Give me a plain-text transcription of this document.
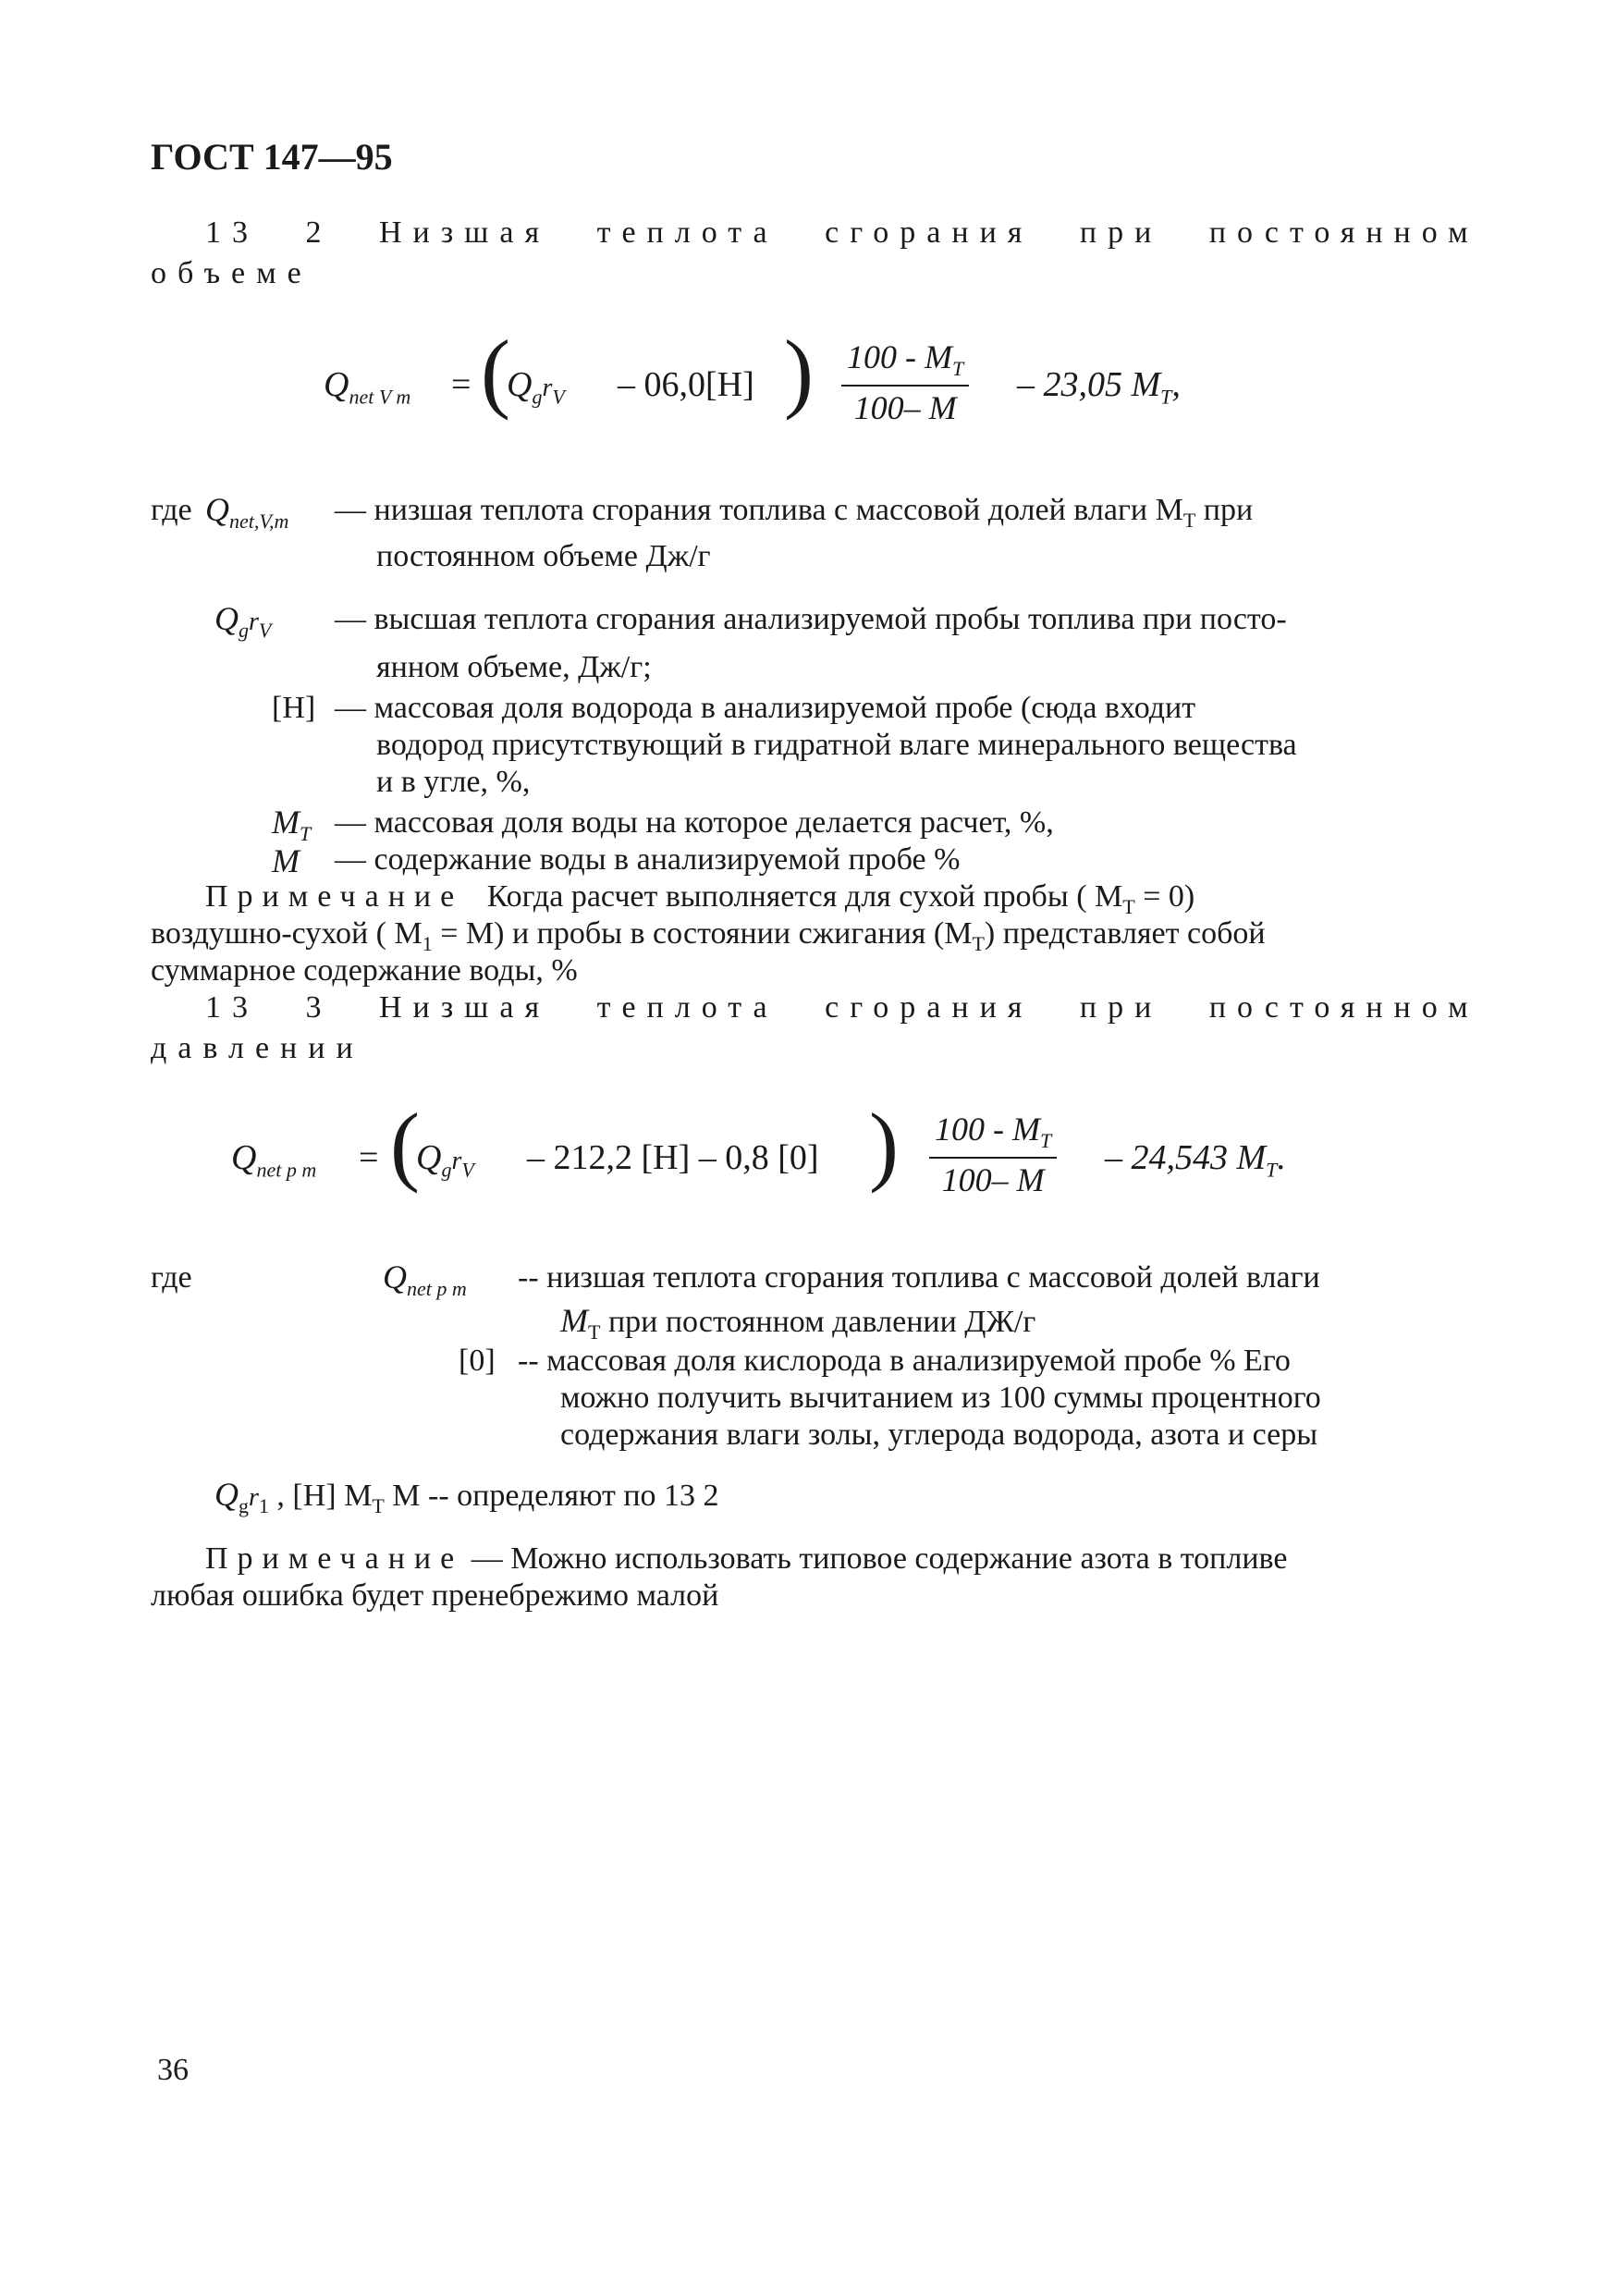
ГОСТ 147—95
13 2 Низшая теплота сгорания при постоянном
объеме
$Q_{net V m}$ = (
$Q_gr_V - 06,0[H]$ ) $\frac{100 - M_T}{100- M} - 23,05$ $M_T$,
где $Q_{net,V,m}$ — низшая теплота сгорания топлива с массовой долей влаги $M_T$ при
постоянном объеме Дж/г
$Q_gr_V$ — высшая теплота сгорания анализируемой пробы топлива при посто-
янном объеме, Дж/г;
[H] — массовая доля водорода в анализируемой пробе (сюда входит
водород присутствующий в гидратной влаге минерального вещества
и в угле, %,
$M_T$ — массовая доля воды на которое делается расчет, %,
M — содержание воды в анализируемой пробе %
Примечание Когда расчет выполняется для сухой пробы ( $M_T = 0$)
воздушно-сухой ( $M_1 = M$) и пробы в состоянии сжигания $(M_T)$ представляет собой
суммарное содержание воды, %
13 3 Низшая теплота сгорания при постоянном
давлении
$Q_{net p m}$ = (
$Q_gr_V - 212,2$ [H] – 0,8 [0] ) $\frac{100 - M_T}{100- M} - 24,543$ $M_T$.
где	$Q_{net p m}$ -- низшая теплота сгорания топлива с массовой долей влаги
$M_T$ при постоянном давлении ДЖ/г
[0] -- массовая доля кислорода в анализируемой пробе % Его
можно получить вычитанием из 100 суммы процентного
содержания влаги золы, углерода водорода, азота и серы
$Q_gr_1$ , [H] $M_T$ M -- определяют по 13 2
Примечание — Можно использовать типовое содержание азота в топливе
любая ошибка будет пренебрежимо малой
36
